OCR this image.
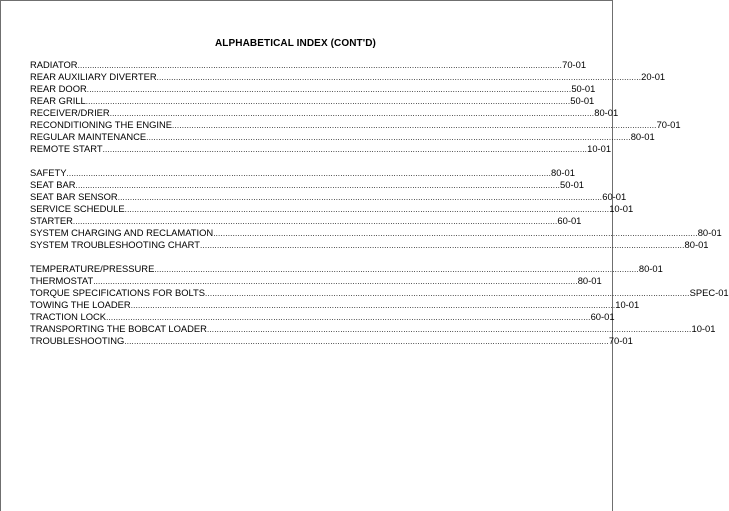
ALPHABETICAL INDEX (CONT'D)
RADIATOR ........................................................................................................................................................................................................ 70-01
REAR AUXILIARY DIVERTER ........................................................................................................................................................................................................ 20-01
REAR DOOR ........................................................................................................................................................................................................ 50-01
REAR GRILL ........................................................................................................................................................................................................ 50-01
RECEIVER/DRIER ........................................................................................................................................................................................................ 80-01
RECONDITIONING THE ENGINE ........................................................................................................................................................................................................ 70-01
REGULAR MAINTENANCE ........................................................................................................................................................................................................ 80-01
REMOTE START ........................................................................................................................................................................................................ 10-01
SAFETY ........................................................................................................................................................................................................ 80-01
SEAT BAR ........................................................................................................................................................................................................ 50-01
SEAT BAR SENSOR ........................................................................................................................................................................................................ 60-01
SERVICE SCHEDULE ........................................................................................................................................................................................................ 10-01
STARTER ........................................................................................................................................................................................................ 60-01
SYSTEM CHARGING AND RECLAMATION ........................................................................................................................................................................................................ 80-01
SYSTEM TROUBLESHOOTING CHART ........................................................................................................................................................................................................ 80-01
TEMPERATURE/PRESSURE ........................................................................................................................................................................................................ 80-01
THERMOSTAT ........................................................................................................................................................................................................ 80-01
TORQUE SPECIFICATIONS FOR BOLTS ........................................................................................................................................................................................................ SPEC-01
TOWING THE LOADER ........................................................................................................................................................................................................ 10-01
TRACTION LOCK ........................................................................................................................................................................................................ 60-01
TRANSPORTING THE BOBCAT LOADER ........................................................................................................................................................................................................ 10-01
TROUBLESHOOTING ........................................................................................................................................................................................................ 70-01
